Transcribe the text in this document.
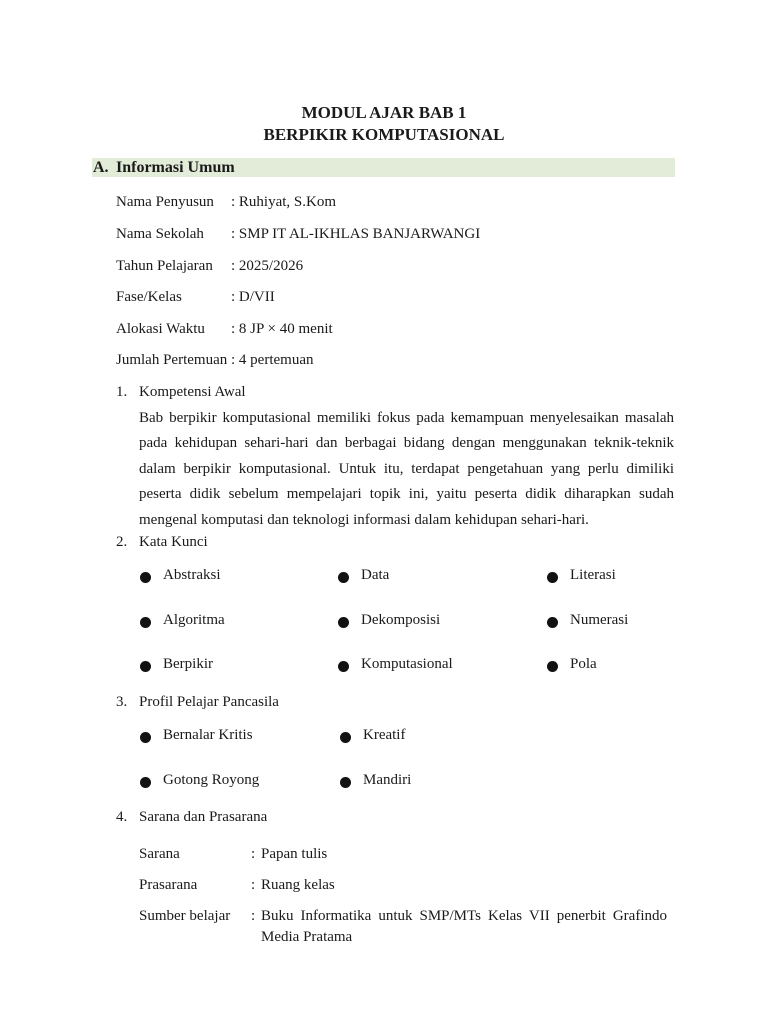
MODUL AJAR BAB 1
BERPIKIR KOMPUTASIONAL
A. Informasi Umum
Nama Penyusun : Ruhiyat, S.Kom
Nama Sekolah : SMP IT AL-IKHLAS BANJARWANGI
Tahun Pelajaran : 2025/2026
Fase/Kelas	: D/VII
Alokasi Waktu : 8 JP × 40 menit
Jumlah Pertemuan : 4 pertemuan
1. Kompetensi Awal
Bab berpikir komputasional memiliki fokus pada kemampuan menyelesaikan masalah
pada kehidupan sehari-hari dan berbagai bidang dengan menggunakan teknik-teknik
dalam berpikir komputasional. Untuk itu, terdapat pengetahuan yang perlu dimiliki
peserta didik sebelum mempelajari topik ini, yaitu peserta didik diharapkan sudah
mengenal komputasi dan teknologi informasi dalam kehidupan sehari-hari.
2. Kata Kunci
Abstraksi	Data	Literasi
Algoritma	Dekomposisi	Numerasi
Berpikir	Komputasional	Pola
3. Profil Pelajar Pancasila
Bernalar Kritis	Kreatif
Gotong Royong	Mandiri
4. Sarana dan Prasarana
Sarana	: Papan tulis
Prasarana	: Ruang kelas
Sumber belajar : Buku Informatika untuk SMP/MTs Kelas VII penerbit Grafindo
Media Pratama
